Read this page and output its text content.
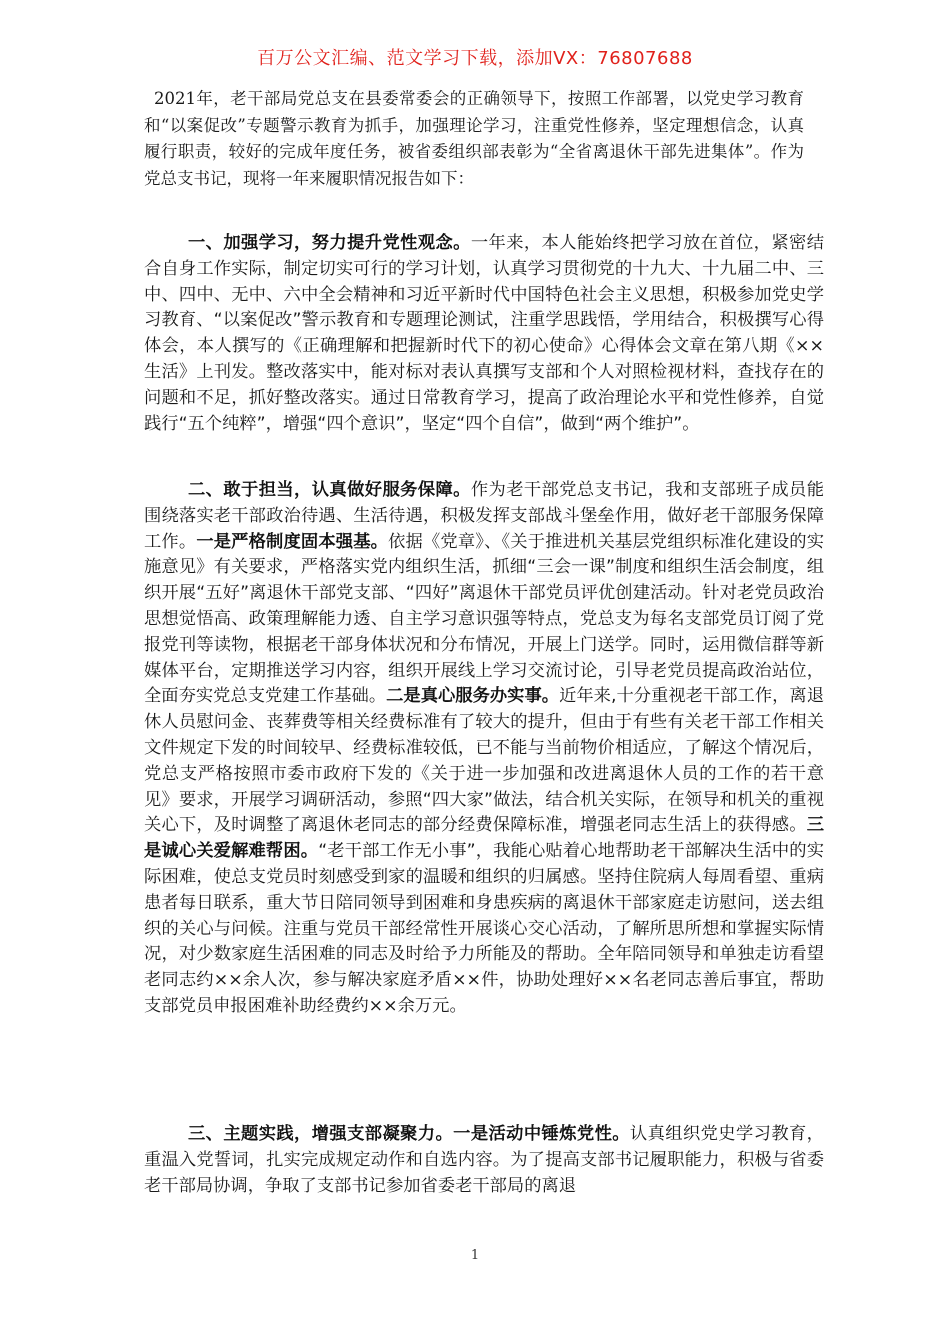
百万公文汇编、范文学习下载，添加VX：76807688

2021年，老干部局党总支在县委常委会的正确领导下，按照工作部署，以党史学习教育和“以案促改”专题警示教育为抓手，加强理论学习，注重党性修养，坚定理想信念，认真履行职责，较好的完成年度任务，被省委组织部表彰为“全省离退休干部先进集体”。作为党总支书记，现将一年来履职情况报告如下：

一、加强学习，努力提升党性观念。一年来，本人能始终把学习放在首位，紧密结合自身工作实际，制定切实可行的学习计划，认真学习贯彻党的十九大、十九届二中、三中、四中、无中、六中全会精神和习近平新时代中国特色社会主义思想，积极参加党史学习教育、“以案促改”警示教育和专题理论测试，注重学思践悟，学用结合，积极撰写心得体会，本人撰写的《正确理解和把握新时代下的初心使命》心得体会文章在第八期《××生活》上刊发。整改落实中，能对标对表认真撰写支部和个人对照检视材料，查找存在的问题和不足，抓好整改落实。通过日常教育学习，提高了政治理论水平和党性修养，自觉践行“五个纯粹”，增强“四个意识”，坚定“四个自信”，做到“两个维护”。

二、敢于担当，认真做好服务保障。作为老干部党总支书记，我和支部班子成员能围绕落实老干部政治待遇、生活待遇，积极发挥支部战斗堡垒作用，做好老干部服务保障工作。一是严格制度固本强基。依据《党章》、《关于推进机关基层党组织标准化建设的实施意见》有关要求，严格落实党内组织生活，抓细“三会一课”制度和组织生活会制度，组织开展“五好”离退休干部党支部、“四好”离退休干部党员评优创建活动。针对老党员政治思想觉悟高、政策理解能力透、自主学习意识强等特点，党总支为每名支部党员订阅了党报党刊等读物，根据老干部身体状况和分布情况，开展上门送学。同时，运用微信群等新媒体平台，定期推送学习内容，组织开展线上学习交流讨论，引导老党员提高政治站位，全面夯实党总支党建工作基础。二是真心服务办实事。近年来,十分重视老干部工作，离退休人员慰问金、丧葬费等相关经费标准有了较大的提升，但由于有些有关老干部工作相关文件规定下发的时间较早、经费标准较低，已不能与当前物价相适应，了解这个情况后，党总支严格按照市委市政府下发的《关于进一步加强和改进离退休人员的工作的若干意见》要求，开展学习调研活动，参照“四大家”做法，结合机关实际，在领导和机关的重视关心下，及时调整了离退休老同志的部分经费保障标准，增强老同志生活上的获得感。三是诚心关爱解难帮困。“老干部工作无小事”，我能心贴着心地帮助老干部解决生活中的实际困难，使总支党员时刻感受到家的温暖和组织的归属感。坚持住院病人每周看望、重病患者每日联系，重大节日陪同领导到困难和身患疾病的离退休干部家庭走访慰问，送去组织的关心与问候。注重与党员干部经常性开展谈心交心活动，了解所思所想和掌握实际情况，对少数家庭生活困难的同志及时给予力所能及的帮助。全年陪同领导和单独走访看望老同志约××余人次，参与解决家庭矛盾××件，协助处理好××名老同志善后事宜，帮助支部党员申报困难补助经费约××余万元。

三、主题实践，增强支部凝聚力。一是活动中锤炼党性。认真组织党史学习教育，重温入党誓词，扎实完成规定动作和自选内容。为了提高支部书记履职能力，积极与省委老干部局协调，争取了支部书记参加省委老干部局的离退

1
